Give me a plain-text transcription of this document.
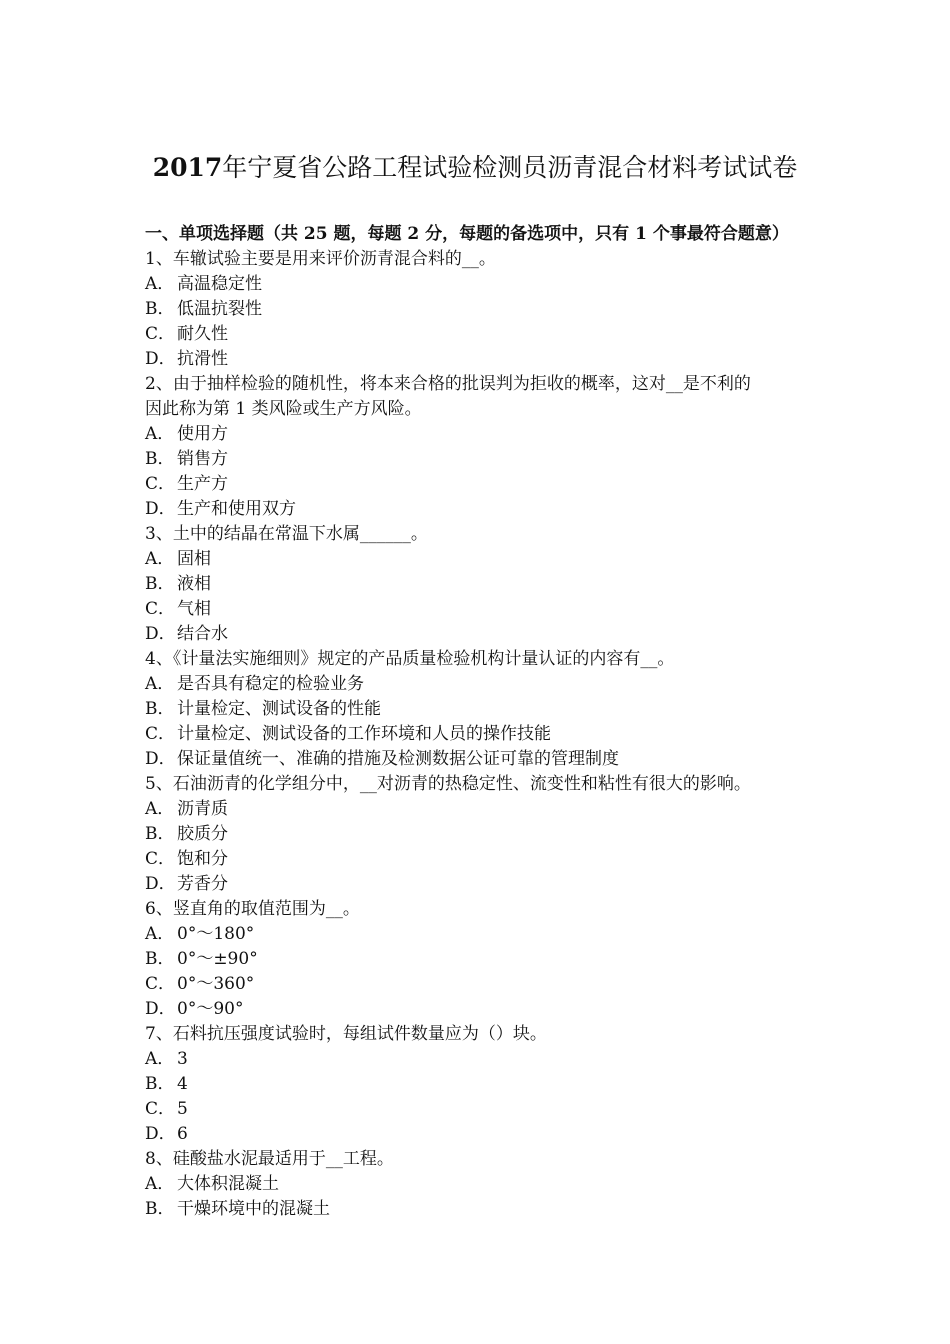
2017年宁夏省公路工程试验检测员沥青混合材料考试试卷
一、单项选择题（共 25 题，每题 2 分，每题的备选项中，只有 1 个事最符合题意）
1、车辙试验主要是用来评价沥青混合料的__。
A． 高温稳定性
B． 低温抗裂性
C． 耐久性
D．抗滑性
2、由于抽样检验的随机性，将本来合格的批误判为拒收的概率，这对__是不利的
因此称为第 1 类风险或生产方风险。
A． 使用方
B． 销售方
C． 生产方
D．生产和使用双方
3、土中的结晶在常温下水属______。
A． 固相
B． 液相
C． 气相
D．结合水
4、《计量法实施细则》规定的产品质量检验机构计量认证的内容有__。
A． 是否具有稳定的检验业务
B． 计量检定、测试设备的性能
C． 计量检定、测试设备的工作环境和人员的操作技能
D．保证量值统一、准确的措施及检测数据公证可靠的管理制度
5、石油沥青的化学组分中，__对沥青的热稳定性、流变性和粘性有很大的影响。
A． 沥青质
B． 胶质分
C． 饱和分
D．芳香分
6、竖直角的取值范围为__。
A． 0°～180°
B． 0°～±90°
C． 0°～360°
D．0°～90°
7、石料抗压强度试验时，每组试件数量应为（）块。
A． 3
B． 4
C． 5
D．6
8、硅酸盐水泥最适用于__工程。
A． 大体积混凝土
B． 干燥环境中的混凝土
